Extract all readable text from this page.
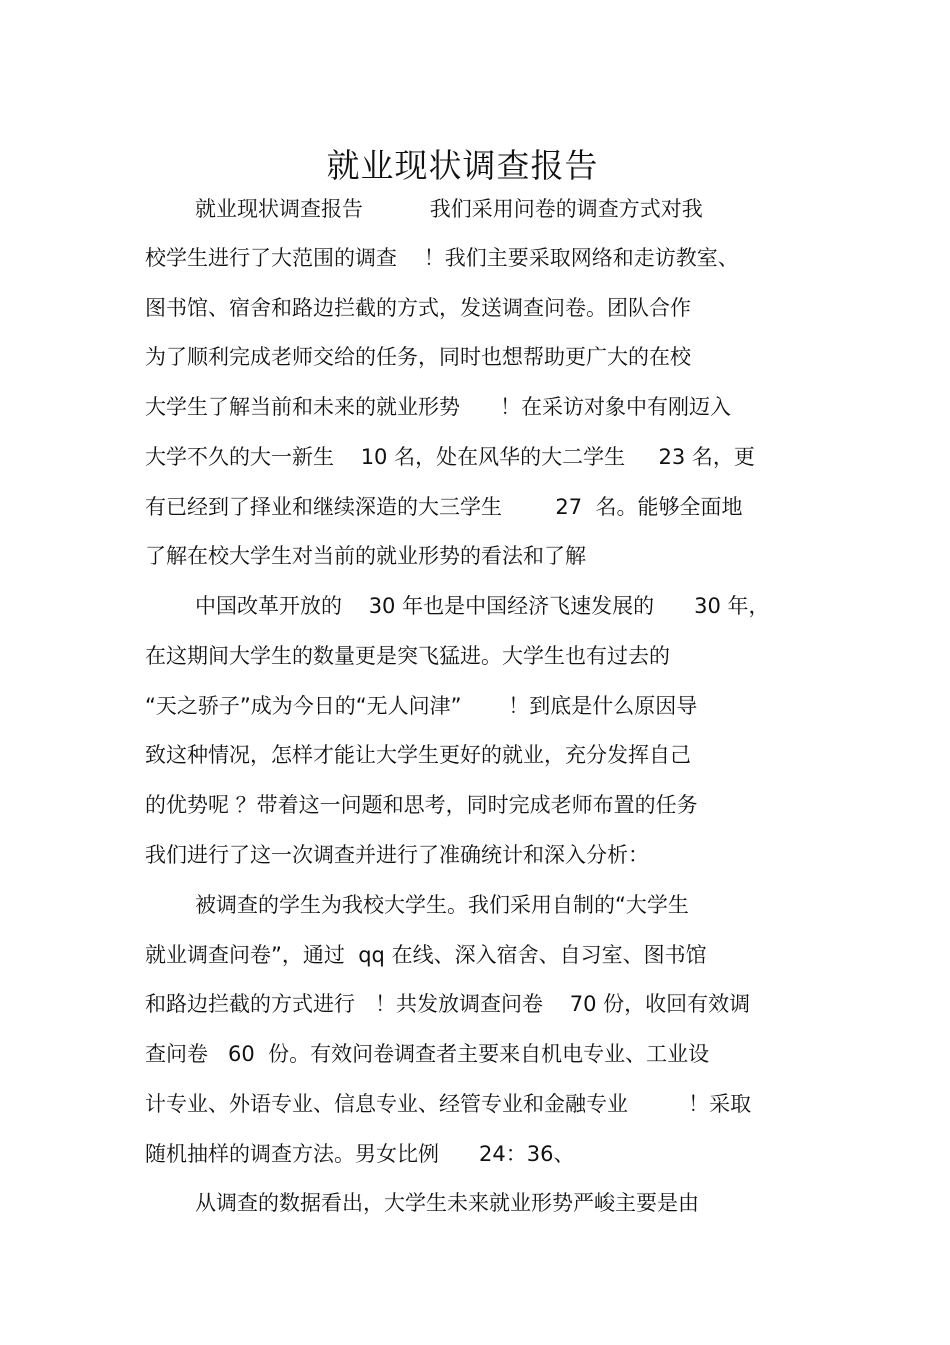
就业现状调查报告
就业现状调查报告          我们采用问卷的调查方式对我
校学生进行了大范围的调查    ！我们主要采取网络和走访教室、
图书馆、宿舍和路边拦截的方式，发送调查问卷。团队合作
为了顺利完成老师交给的任务，同时也想帮助更广大的在校
大学生了解当前和未来的就业形势      ！在采访对象中有刚迈入
大学不久的大一新生    10 名，处在风华的大二学生     23 名，更
有已经到了择业和继续深造的大三学生        27  名。能够全面地
了解在校大学生对当前的就业形势的看法和了解
中国改革开放的    30 年也是中国经济飞速发展的      30 年，
在这期间大学生的数量更是突飞猛进。大学生也有过去的
“天之骄子”成为今日的“无人问津”       ！到底是什么原因导
致这种情况，怎样才能让大学生更好的就业，充分发挥自己
的优势呢 ？带着这一问题和思考，同时完成老师布置的任务
我们进行了这一次调查并进行了准确统计和深入分析：
被调查的学生为我校大学生。我们采用自制的“大学生
就业调查问卷”，通过  qq 在线、深入宿舍、自习室、图书馆
和路边拦截的方式进行   ！共发放调查问卷    70 份，收回有效调
查问卷   60  份。有效问卷调查者主要来自机电专业、工业设
计专业、外语专业、信息专业、经管专业和金融专业         ！采取
随机抽样的调查方法。男女比例      24：36、
从调查的数据看出，大学生未来就业形势严峻主要是由
